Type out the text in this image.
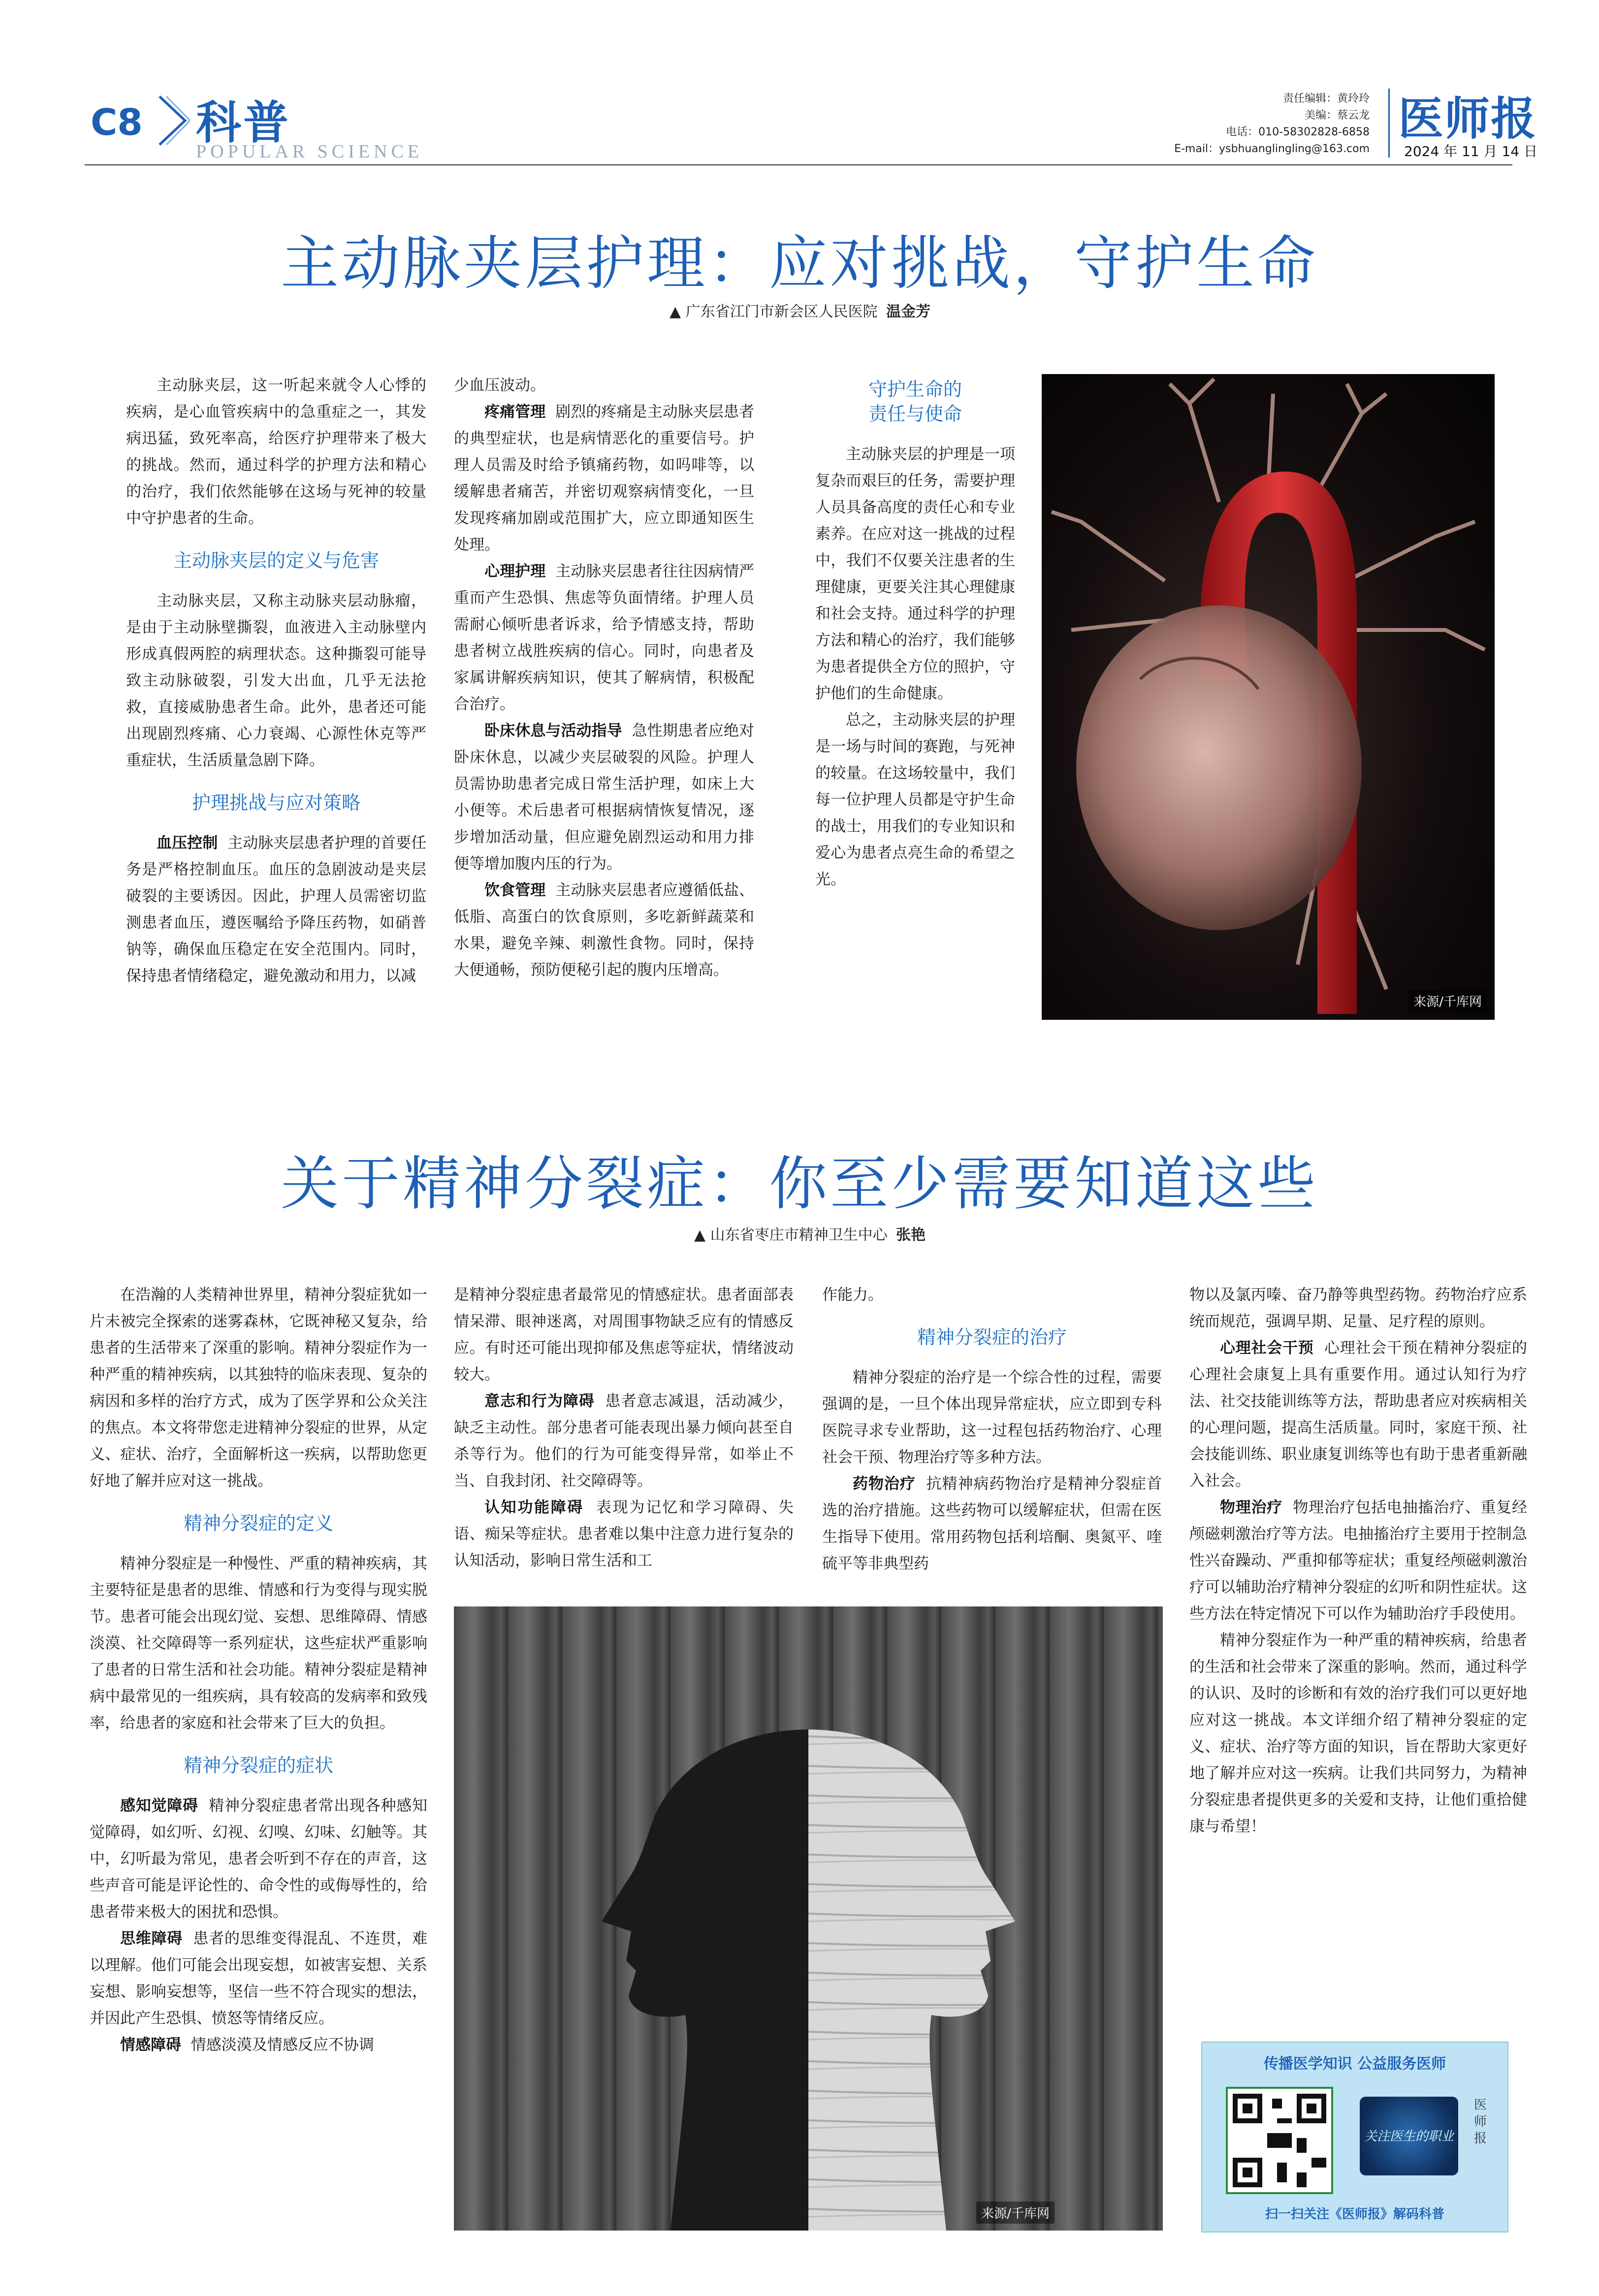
C8 科普
POPULAR SCIENCE
责任编辑：黄玲玲
美编：蔡云龙
电话：010-58302828-6858
E-mail：ysbhuanglingling@163.com
医师报
2024 年 11 月 14 日
主动脉夹层护理：应对挑战，守护生命
▲ 广东省江门市新会区人民医院 温金芳

主动脉夹层，这一听起来就令人心悸的疾病，是心血管疾病中的急重症之一，其发病迅猛，致死率高，给医疗护理带来了极大的挑战。然而，通过科学的护理方法和精心的治疗，我们依然能够在这场与死神的较量中守护患者的生命。

主动脉夹层的定义与危害

主动脉夹层，又称主动脉夹层动脉瘤，是由于主动脉壁撕裂，血液进入主动脉壁内形成真假两腔的病理状态。这种撕裂可能导致主动脉破裂，引发大出血，几乎无法抢救，直接威胁患者生命。此外，患者还可能出现剧烈疼痛、心力衰竭、心源性休克等严重症状，生活质量急剧下降。

护理挑战与应对策略

血压控制 主动脉夹层患者护理的首要任务是严格控制血压。血压的急剧波动是夹层破裂的主要诱因。因此，护理人员需密切监测患者血压，遵医嘱给予降压药物，如硝普钠等，确保血压稳定在安全范围内。同时，保持患者情绪稳定，避免激动和用力，以减

少血压波动。

疼痛管理 剧烈的疼痛是主动脉夹层患者的典型症状，也是病情恶化的重要信号。护理人员需及时给予镇痛药物，如吗啡等，以缓解患者痛苦，并密切观察病情变化，一旦发现疼痛加剧或范围扩大，应立即通知医生处理。

心理护理 主动脉夹层患者往往因病情严重而产生恐惧、焦虑等负面情绪。护理人员需耐心倾听患者诉求，给予情感支持，帮助患者树立战胜疾病的信心。同时，向患者及家属讲解疾病知识，使其了解病情，积极配合治疗。

卧床休息与活动指导 急性期患者应绝对卧床休息，以减少夹层破裂的风险。护理人员需协助患者完成日常生活护理，如床上大小便等。术后患者可根据病情恢复情况，逐步增加活动量，但应避免剧烈运动和用力排便等增加腹内压的行为。

饮食管理 主动脉夹层患者应遵循低盐、低脂、高蛋白的饮食原则，多吃新鲜蔬菜和水果，避免辛辣、刺激性食物。同时，保持大便通畅，预防便秘引起的腹内压增高。

守护生命的
责任与使命

主动脉夹层的护理是一项复杂而艰巨的任务，需要护理人员具备高度的责任心和专业素养。在应对这一挑战的过程中，我们不仅要关注患者的生理健康，更要关注其心理健康和社会支持。通过科学的护理方法和精心的治疗，我们能够为患者提供全方位的照护，守护他们的生命健康。

总之，主动脉夹层的护理是一场与时间的赛跑，与死神的较量。在这场较量中，我们每一位护理人员都是守护生命的战士，用我们的专业知识和爱心为患者点亮生命的希望之光。

来源/千库网
关于精神分裂症：你至少需要知道这些
▲ 山东省枣庄市精神卫生中心 张艳

在浩瀚的人类精神世界里，精神分裂症犹如一片未被完全探索的迷雾森林，它既神秘又复杂，给患者的生活带来了深重的影响。精神分裂症作为一种严重的精神疾病，以其独特的临床表现、复杂的病因和多样的治疗方式，成为了医学界和公众关注的焦点。本文将带您走进精神分裂症的世界，从定义、症状、治疗，全面解析这一疾病，以帮助您更好地了解并应对这一挑战。

精神分裂症的定义

精神分裂症是一种慢性、严重的精神疾病，其主要特征是患者的思维、情感和行为变得与现实脱节。患者可能会出现幻觉、妄想、思维障碍、情感淡漠、社交障碍等一系列症状，这些症状严重影响了患者的日常生活和社会功能。精神分裂症是精神病中最常见的一组疾病，具有较高的发病率和致残率，给患者的家庭和社会带来了巨大的负担。

精神分裂症的症状

感知觉障碍 精神分裂症患者常出现各种感知觉障碍，如幻听、幻视、幻嗅、幻味、幻触等。其中，幻听最为常见，患者会听到不存在的声音，这些声音可能是评论性的、命令性的或侮辱性的，给患者带来极大的困扰和恐惧。

思维障碍 患者的思维变得混乱、不连贯，难以理解。他们可能会出现妄想，如被害妄想、关系妄想、影响妄想等，坚信一些不符合现实的想法，并因此产生恐惧、愤怒等情绪反应。

情感障碍 情感淡漠及情感反应不协调

是精神分裂症患者最常见的情感症状。患者面部表情呆滞、眼神迷离，对周围事物缺乏应有的情感反应。有时还可能出现抑郁及焦虑等症状，情绪波动较大。

意志和行为障碍 患者意志减退，活动减少，缺乏主动性。部分患者可能表现出暴力倾向甚至自杀等行为。他们的行为可能变得异常，如举止不当、自我封闭、社交障碍等。

认知功能障碍 表现为记忆和学习障碍、失语、痴呆等症状。患者难以集中注意力进行复杂的认知活动，影响日常生活和工

作能力。

精神分裂症的治疗

精神分裂症的治疗是一个综合性的过程，需要强调的是，一旦个体出现异常症状，应立即到专科医院寻求专业帮助，这一过程包括药物治疗、心理社会干预、物理治疗等多种方法。

药物治疗 抗精神病药物治疗是精神分裂症首选的治疗措施。这些药物可以缓解症状，但需在医生指导下使用。常用药物包括利培酮、奥氮平、喹硫平等非典型药

物以及氯丙嗪、奋乃静等典型药物。药物治疗应系统而规范，强调早期、足量、足疗程的原则。

心理社会干预 心理社会干预在精神分裂症的心理社会康复上具有重要作用。通过认知行为疗法、社交技能训练等方法，帮助患者应对疾病相关的心理问题，提高生活质量。同时，家庭干预、社会技能训练、职业康复训练等也有助于患者重新融入社会。

物理治疗 物理治疗包括电抽搐治疗、重复经颅磁刺激治疗等方法。电抽搐治疗主要用于控制急性兴奋躁动、严重抑郁等症状；重复经颅磁刺激治疗可以辅助治疗精神分裂症的幻听和阴性症状。这些方法在特定情况下可以作为辅助治疗手段使用。

精神分裂症作为一种严重的精神疾病，给患者的生活和社会带来了深重的影响。然而，通过科学的认识、及时的诊断和有效的治疗我们可以更好地应对这一挑战。本文详细介绍了精神分裂症的定义、症状、治疗等方面的知识，旨在帮助大家更好地了解并应对这一疾病。让我们共同努力，为精神分裂症患者提供更多的关爱和支持，让他们重拾健康与希望！

来源/千库网
传播医学知识 公益服务医师
关注医生的职业
医师报
扫一扫关注《医师报》解码科普
